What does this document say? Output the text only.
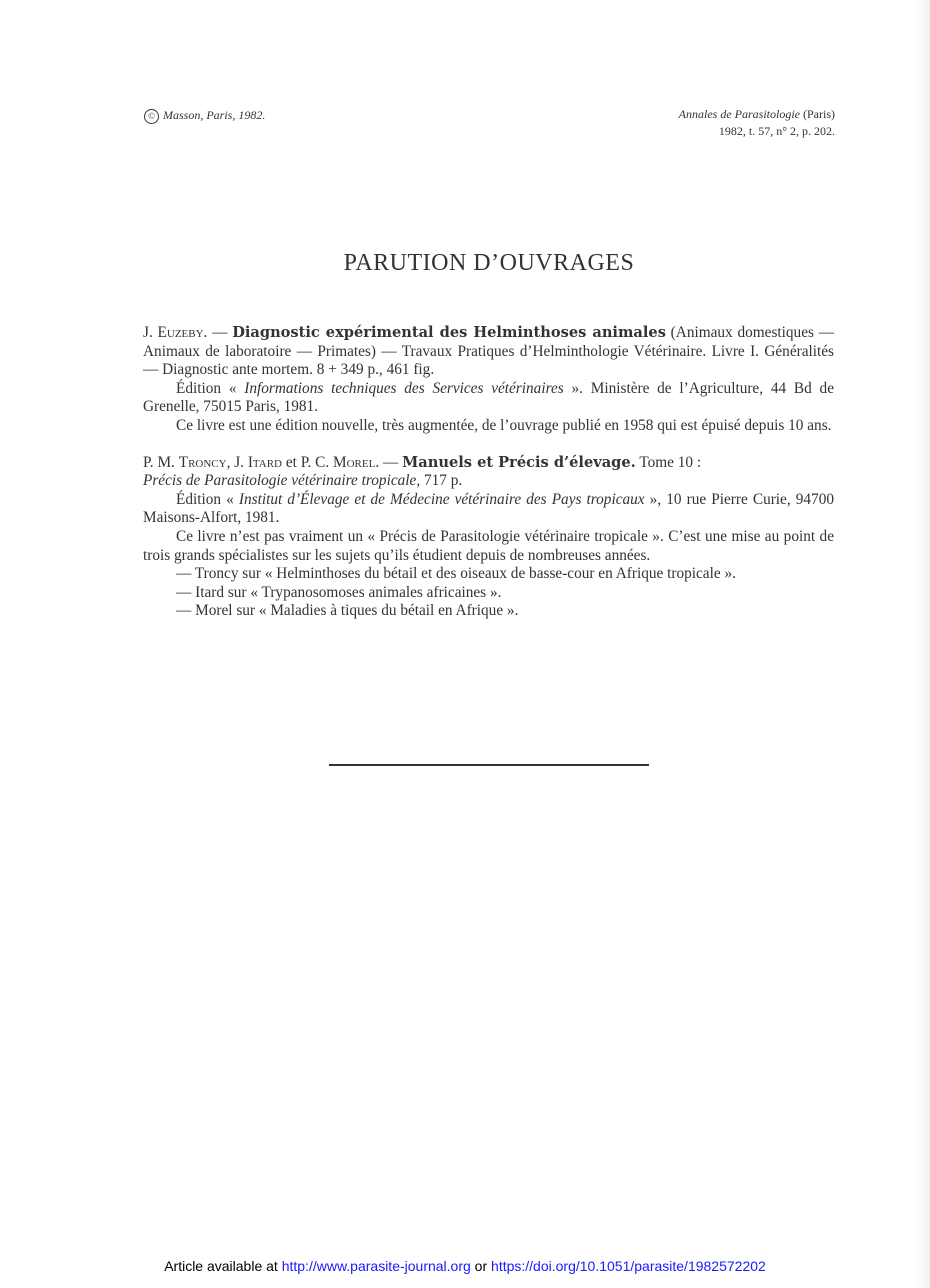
© Masson, Paris, 1982.	Annales de Parasitologie (Paris)
1982, t. 57, n° 2, p. 202.
PARUTION D’OUVRAGES

J. Euzeby. — Diagnostic expérimental des Helminthoses animales (Animaux domestiques — Animaux de laboratoire — Primates) — Travaux Pratiques d’Helminthologie Vétérinaire. Livre I. Généralités — Diagnostic ante mortem. 8 + 349 p., 461 fig.

Édition « Informations techniques des Services vétérinaires ». Ministère de l’Agriculture, 44 Bd de Grenelle, 75015 Paris, 1981.

Ce livre est une édition nouvelle, très augmentée, de l’ouvrage publié en 1958 qui est épuisé depuis 10 ans.

P. M. Troncy, J. Itard et P. C. Morel. — Manuels et Précis d’élevage. Tome 10 :
Précis de Parasitologie vétérinaire tropicale, 717 p.

Édition « Institut d’Élevage et de Médecine vétérinaire des Pays tropicaux », 10 rue Pierre Curie, 94700 Maisons-Alfort, 1981.

Ce livre n’est pas vraiment un « Précis de Parasitologie vétérinaire tropicale ». C’est une mise au point de trois grands spécialistes sur les sujets qu’ils étudient depuis de nombreuses années.

— Troncy sur « Helminthoses du bétail et des oiseaux de basse-cour en Afrique tropicale ».

— Itard sur « Trypanosomoses animales africaines ».

— Morel sur « Maladies à tiques du bétail en Afrique ».

Article available at http://www.parasite-journal.org or https://doi.org/10.1051/parasite/1982572202
